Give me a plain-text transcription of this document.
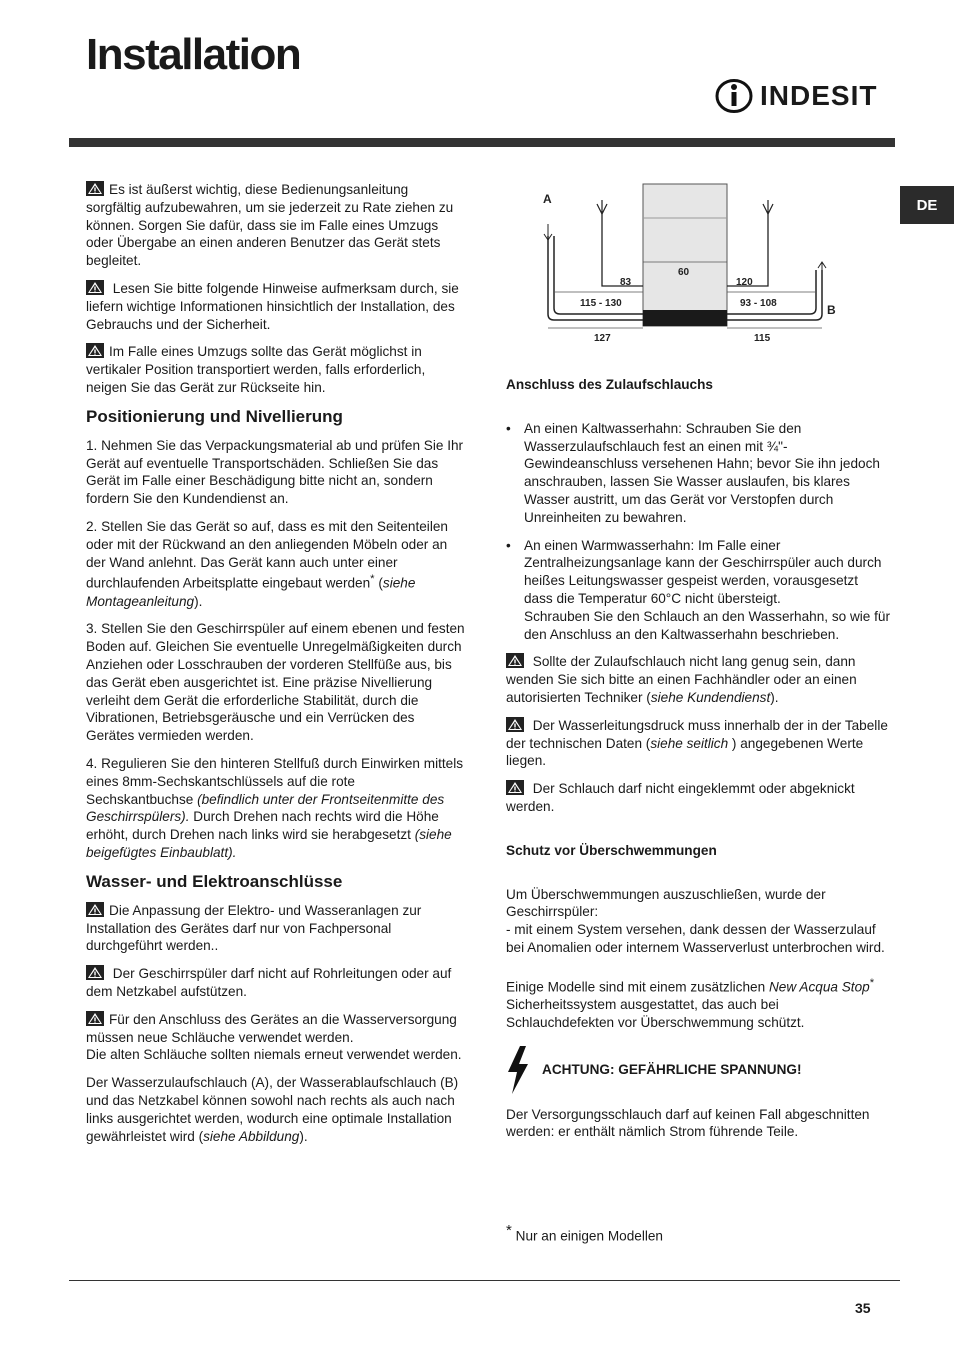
Installation
INDESIT
DE

Es ist äußerst wichtig, diese Bedienungsanleitung sorgfältig aufzubewahren, um sie jederzeit zu Rate ziehen zu können. Sorgen Sie dafür, dass sie im Falle eines Umzugs oder Übergabe an einen anderen Benutzer das Gerät stets begleitet.

Lesen Sie bitte folgende Hinweise aufmerksam durch, sie liefern wichtige Informationen hinsichtlich der Installation, des Gebrauchs und der Sicherheit.

Im Falle eines Umzugs sollte das Gerät möglichst in vertikaler Position transportiert werden, falls erforderlich, neigen Sie das Gerät zur Rückseite hin.

Positionierung und Nivellierung

1. Nehmen Sie das Verpackungsmaterial ab und prüfen Sie Ihr Gerät auf eventuelle Transportschäden. Schließen Sie das Gerät im Falle einer Beschädigung bitte nicht an, sondern fordern Sie den Kundendienst an.

2. Stellen Sie das Gerät so auf, dass es mit den Seitenteilen oder mit der Rückwand an den anliegenden Möbeln oder an der Wand anlehnt. Das Gerät kann auch unter einer durchlaufenden Arbeitsplatte eingebaut werden* (siehe Montageanleitung).

3. Stellen Sie den Geschirrspüler auf einem ebenen und festen Boden auf. Gleichen Sie eventuelle Unregelmäßigkeiten durch Anziehen oder Losschrauben der vorderen Stellfüße aus, bis das Gerät eben ausgerichtet ist. Eine präzise Nivellierung verleiht dem Gerät die erforderliche Stabilität, durch die Vibrationen, Betriebsgeräusche und ein Verrücken des Gerätes vermieden werden.

4. Regulieren Sie den hinteren Stellfuß durch Einwirken mittels eines 8mm-Sechskantschlüssels auf die rote Sechskantbuchse (befindlich unter der Frontseitenmitte des Geschirrspülers). Durch Drehen nach rechts wird die Höhe erhöht, durch Drehen nach links wird sie herabgesetzt (siehe beigefügtes Einbaublatt).

Wasser- und Elektroanschlüsse

Die Anpassung der Elektro- und Wasseranlagen zur Installation des Gerätes darf nur von Fachpersonal durchgeführt werden..

Der Geschirrspüler darf nicht auf Rohrleitungen oder auf dem Netzkabel aufstützen.

Für den Anschluss des Gerätes an die Wasserversorgung müssen neue Schläuche verwendet werden.
Die alten Schläuche sollten niemals erneut verwendet werden.

Der Wasserzulaufschlauch (A), der Wasserablaufschlauch (B) und das Netzkabel können sowohl nach rechts als auch nach links ausgerichtet werden, wodurch eine optimale Installation gewährleistet wird (siehe Abbildung).

A
B
83
60
120
115 - 130	93 - 108
127	115
Anschluss des Zulaufschlauchs
• An einen Kaltwasserhahn: Schrauben Sie den Wasserzulaufschlauch fest an einen mit ¾"-Gewindeanschluss versehenen Hahn; bevor Sie ihn jedoch anschrauben, lassen Sie Wasser auslaufen, bis klares Wasser austritt, um das Gerät vor Verstopfen durch Unreinheiten zu bewahren.
• An einen Warmwasserhahn: Im Falle einer Zentralheizungsanlage kann der Geschirrspüler auch durch heißes Leitungswasser gespeist werden, vorausgesetzt dass die Temperatur 60°C nicht übersteigt.
Schrauben Sie den Schlauch an den Wasserhahn, so wie für den Anschluss an den Kaltwasserhahn beschrieben.

Sollte der Zulaufschlauch nicht lang genug sein, dann wenden Sie sich bitte an einen Fachhändler oder an einen autorisierten Techniker (siehe Kundendienst).

Der Wasserleitungsdruck muss innerhalb der in der Tabelle der technischen Daten (siehe seitlich ) angegebenen Werte liegen.

Der Schlauch darf nicht eingeklemmt oder abgeknickt werden.

Schutz vor Überschwemmungen

Um Überschwemmungen auszuschließen, wurde der Geschirrspüler:
- mit einem System versehen, dank dessen der Wasserzulauf bei Anomalien oder internem Wasserverlust unterbrochen wird.

Einige Modelle sind mit einem zusätzlichen New Acqua Stop* Sicherheitssystem ausgestattet, das auch bei Schlauchdefekten vor Überschwemmung schützt.

ACHTUNG: GEFÄHRLICHE SPANNUNG!

Der Versorgungsschlauch darf auf keinen Fall abgeschnitten werden: er enthält nämlich Strom führende Teile.

* Nur an einigen Modellen
35
